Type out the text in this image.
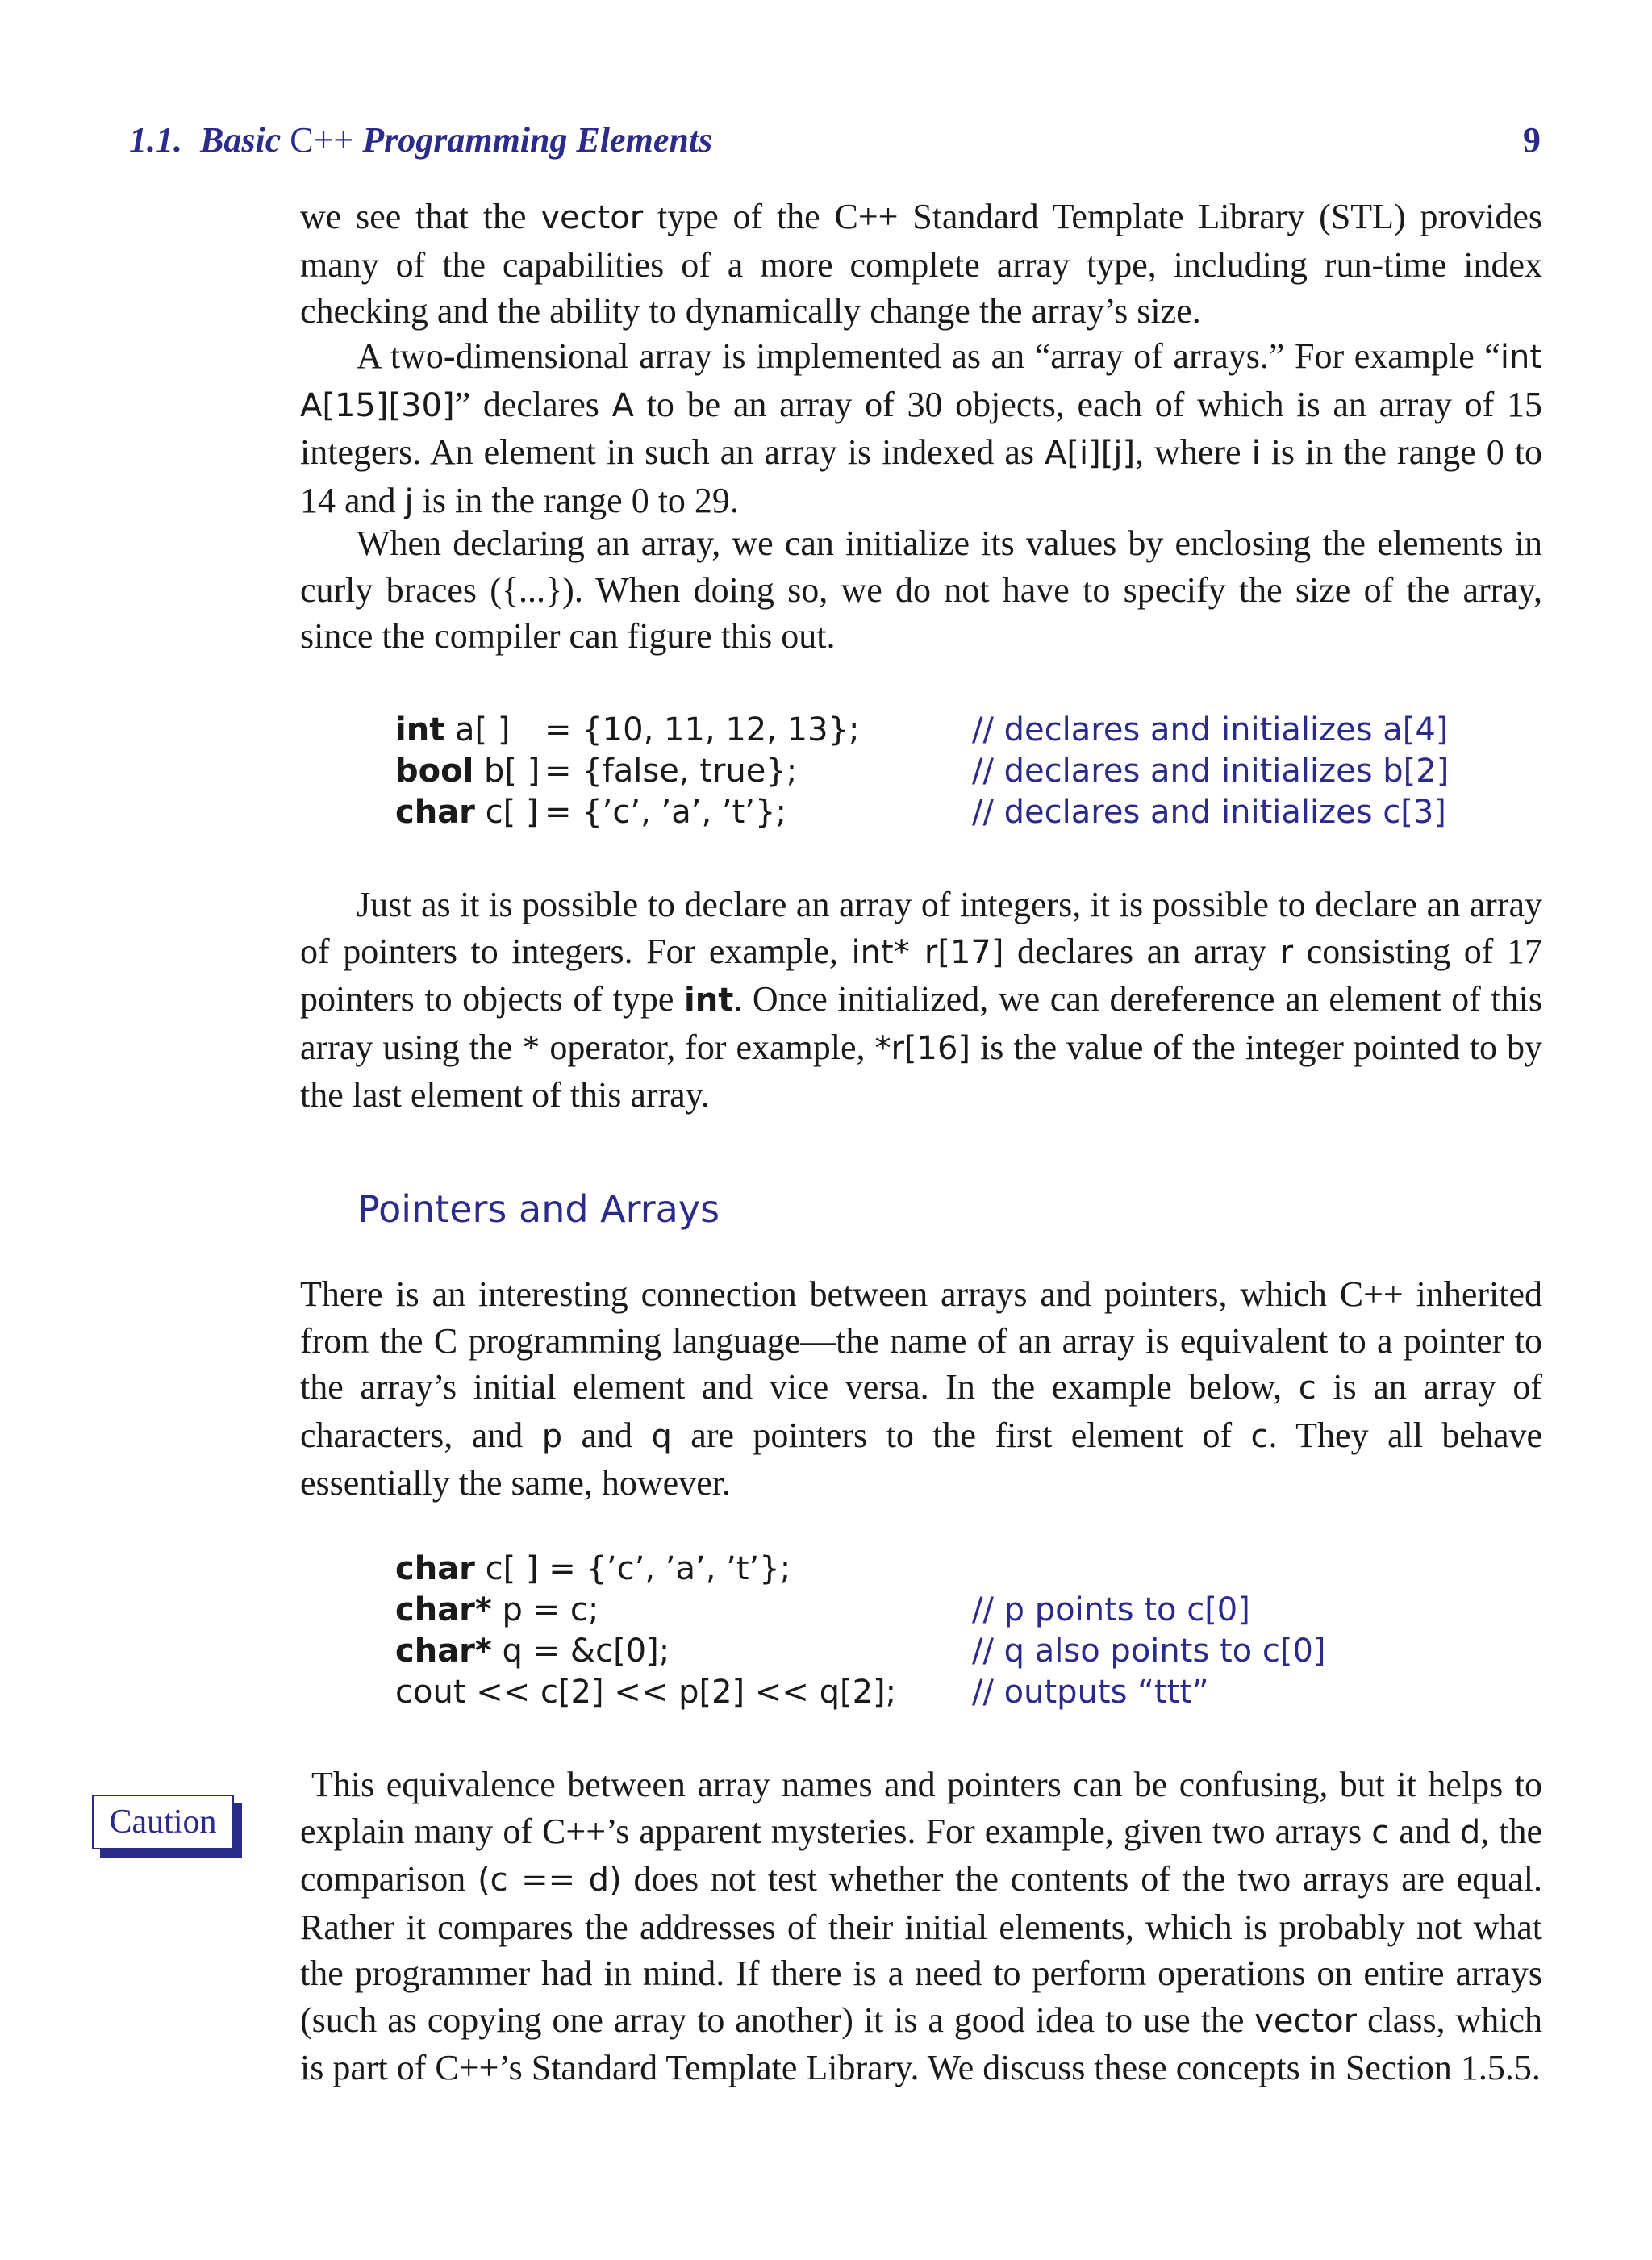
1.1. Basic C++ Programming Elements	9

we see that the vector type of the C++ Standard Template Library (STL) provides many of the capabilities of a more complete array type, including run-time index checking and the ability to dynamically change the array’s size.

A two-dimensional array is implemented as an “array of arrays.” For example “int A[15][30]” declares A to be an array of 30 objects, each of which is an array of 15 integers. An element in such an array is indexed as A[i][j], where i is in the range 0 to 14 and j is in the range 0 to 29.

When declaring an array, we can initialize its values by enclosing the elements in curly braces ({...}). When doing so, we do not have to specify the size of the array, since the compiler can figure this out.

int a[ ] = {10, 11, 12, 13};	// declares and initializes a[4]
bool b[ ] = {false, true};	// declares and initializes b[2]
char c[ ] = {’c’, ’a’, ’t’};	// declares and initializes c[3]

Just as it is possible to declare an array of integers, it is possible to declare an array of pointers to integers. For example, int* r[17] declares an array r consisting of 17 pointers to objects of type int. Once initialized, we can dereference an element of this array using the * operator, for example, *r[16] is the value of the integer pointed to by the last element of this array.

Pointers and Arrays

There is an interesting connection between arrays and pointers, which C++ inherited from the C programming language—the name of an array is equivalent to a pointer to the array’s initial element and vice versa. In the example below, c is an array of characters, and p and q are pointers to the first element of c. They all behave essentially the same, however.

char c[ ] = {’c’, ’a’, ’t’};
char* p = c;	// p points to c[0]
char* q = &c[0];	// q also points to c[0]
cout << c[2] << p[2] << q[2]; // outputs “ttt”
Caution

This equivalence between array names and pointers can be confusing, but it helps to explain many of C++’s apparent mysteries. For example, given two arrays c and d, the comparison (c == d) does not test whether the contents of the two arrays are equal. Rather it compares the addresses of their initial elements, which is probably not what the programmer had in mind. If there is a need to perform operations on entire arrays (such as copying one array to another) it is a good idea to use the vector class, which is part of C++’s Standard Template Library. We discuss these concepts in Section 1.5.5.
